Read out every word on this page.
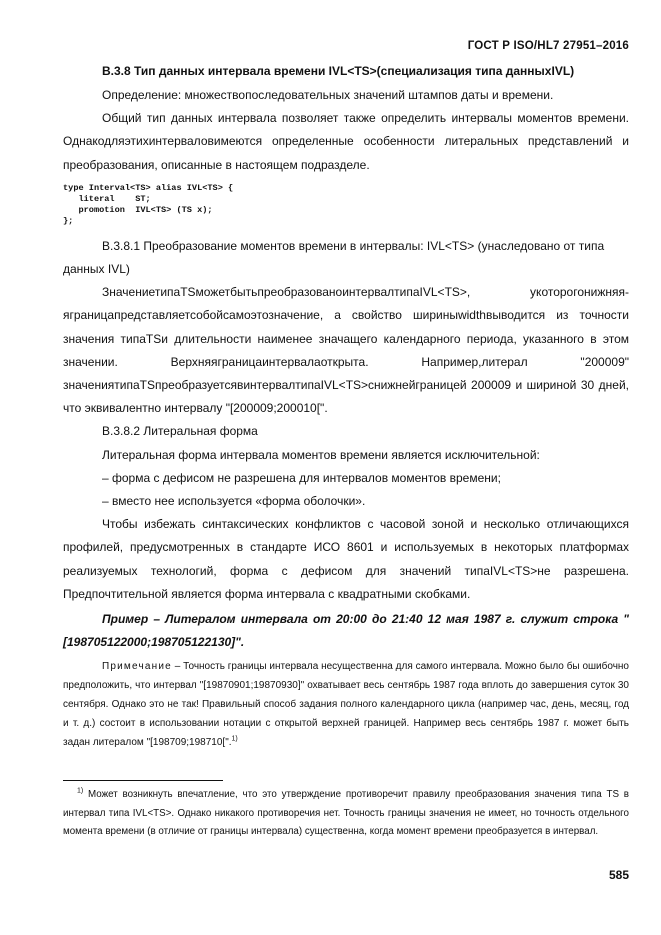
ГОСТ Р ISO/HL7 27951–2016
В.3.8 Тип данных интервала времени IVL<TS>(специализация типа данныхIVL)

Определение: множествопоследовательных значений штампов даты и времени.

Общий тип данных интервала позволяет также определить интервалы моментов времени. Однакодляэтихинтерваловимеются определенные особенности литеральных представлений и преобразования, описанные в настоящем подразделе.

type Interval<TS> alias IVL<TS> {
literal    ST;
promotion  IVL<TS> (TS x);
};

В.3.8.1 Преобразование моментов времени в интервалы: IVL<TS> (унаследовано от типа данных IVL)

ЗначениетипаTSможетбытьпреобразованоинтервалтипаIVL<TS>, укоторогонижняя-яграницапредставляетсобойсамоэтозначение, а свойство шириныwidthвыводится из точности значения типаTSи длительности наименее значащего календарного периода, указанного в этом значении. Верхняяграницаинтервалаоткрыта. Например,литерал "200009" значениятипаTSпреобразуетсявинтервалтипаIVL<TS>снижнейграницей 200009 и шириной 30 дней, что эквивалентно интервалу "[200009;200010[".

В.3.8.2 Литеральная форма

Литеральная форма интервала моментов времени является исключительной:

– форма с дефисом не разрешена для интервалов моментов времени;
– вместо нее используется «форма оболочки».

Чтобы избежать синтаксических конфликтов с часовой зоной и несколько отличающихся профилей, предусмотренных в стандарте ИСО 8601 и используемых в некоторых платформах реализуемых технологий, форма с дефисом для значений типаIVL<TS>не разрешена. Предпочтительной является форма интервала с квадратными скобками.

Пример – Литералом интервала от 20:00 до 21:40 12 мая 1987 г. служит строка "[198705122000;198705122130]".

Примечание – Точность границы интервала несущественна для самого интервала. Можно было бы ошибочно предположить, что интервал "[19870901;19870930]" охватывает весь сентябрь 1987 года вплоть до завершения суток 30 сентября. Однако это не так! Правильный способ задания полного календарного цикла (например час, день, месяц, год и т. д.) состоит в использовании нотации с открытой верхней границей. Например весь сентябрь 1987 г. может быть задан литералом "[198709;198710[".$^{1)}$

$^{1)}$ Может возникнуть впечатление, что это утверждение противоречит правилу преобразования значения типа TS в интервал типа IVL<TS>. Однако никакого противоречия нет. Точность границы значения не имеет, но точность отдельного момента времени (в отличие от границы интервала) существенна, когда момент времени преобразуется в интервал.
585
